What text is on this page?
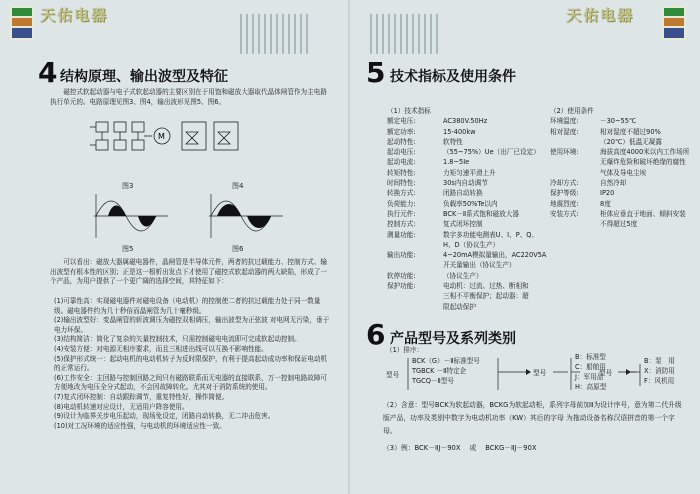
天佑电器
4 结构原理、输出波型及特征
磁控式软起动器与电子式软起动器的主要区别在于用饱和磁放大器取代晶体闸管作为主电路执行单元的。电路原理见图3、图4，输出波形见图5、图6。
M
图3	图4
图5	图6
可以看出：磁放大器属磁电器件，晶闸管是半导体元件，两者的抗过载能力、控制方式、输出波型有根本性的区别；正是这一根析出发点下才使用了磁控式软起动器的两大缺陷，形成了一个产品，为用户提供了一个更广阔的选择空间，其特征如下：

(1)可靠性高：实现磁电器件对磁电设备（电动机）的控制使二者的抗过载能力处于同一数量级。磁电器件约为几十秒倍而晶闸管为几十毫秒级。

(2)输出波型好：变晶闸管的斩波调压为磁控双相调压，输出波型为正弦波 对电网无污染，垂于电力环保。

(3)结构简洁：简化了复杂的矢量控制技术，只需控制磁电电流即可完成软起动控制。

(4)安装方便：对电源无相序要求，而且三相进出线可以互换不影响性能。

(5)保护形式统一：起动电机的电动机转子为反时限保护，有利于提高起动成功率和保证电动机的正常运行。

(6)工作安全：主回路与控制回路之间只有磁路联系而无电器的直接联系，万一控制电路故障可方便地改为电压全分式起动，不会因故障转化。尤其对于消防系统的使用。

(7)复式闭环控制：自动跟踪调节，重复特性好，操作简便。

(8)电动机转速对应设计，无适用户降容使用。

(9)设计为临界关步电压起动，现场免设定，闭路自动转换，无二冲击危害。

(10)对工况环境的适应性强，与电动机的环境适应性一致。

天佑电器
5 技术指标及使用条件
（1）技术指标
额定电压:	AC380V.50Hz
额定功率:	15-400kw
起动特性:	软特性
起动电压:	（55~75%）Ue（出厂已设定）
起动电流:	1.8~5Ie
转矩特性:	力矩匀速平滑上升
时间特性:	30s内自动调节
转换方式:	闭路自动转换
负荷能力:	负载率50%Te以内
执行元件:	BCK－Ⅱ系式饱和磁放大器
控制方式:	复式闭环控制
测量功能:	数字多功能电测表U、I、P、Q、
H、D（协议生产）
输出功能:	4~20mA模拟量输出，AC220V5A
开关量输出（协议生产）
软停功能:	（协议生产）
保护功能:	电动机：过流、过热、断相和
三相不平衡保护；起动器：超
限起动保护
（2）使用条件
环境温度:	－30~55℃
相对湿度:	相对湿度不超过90%
（20℃）低温无凝露
使用环境:	海拔高度4000米以内工作场所无爆炸危险和破坏绝缘的腐性气体及导电尘埃
冷却方式:	自然冷却
保护等级:	IP20
地震烈度:	8度
安装方式:	柜体应垂直于地面、倾斜安装不得超过5度
6 产品型号及系列类别
（1）排序：
型号
BCK（G）－Ⅱ标准型号
TGBCK －Ⅱ特定企
TGCQ－Ⅱ型号
型号
B：标准型
C：船舶用
J：军用品
H：高原型
型号
B：泵　用
X：消防用
F：风机用
（2）含意：型号BCK为软起动器，BCKG为软起动柜，系列字母前加Ⅱ为设计序号，意为第二代升级版产品，功率及类别中数字为电动机功率（KW）其后的字母 为拖动设备名称汉语拼音的第一个字母。
（3）例：BCK－ⅡJ－90X　 或　 BCKG－ⅡJ－90X
